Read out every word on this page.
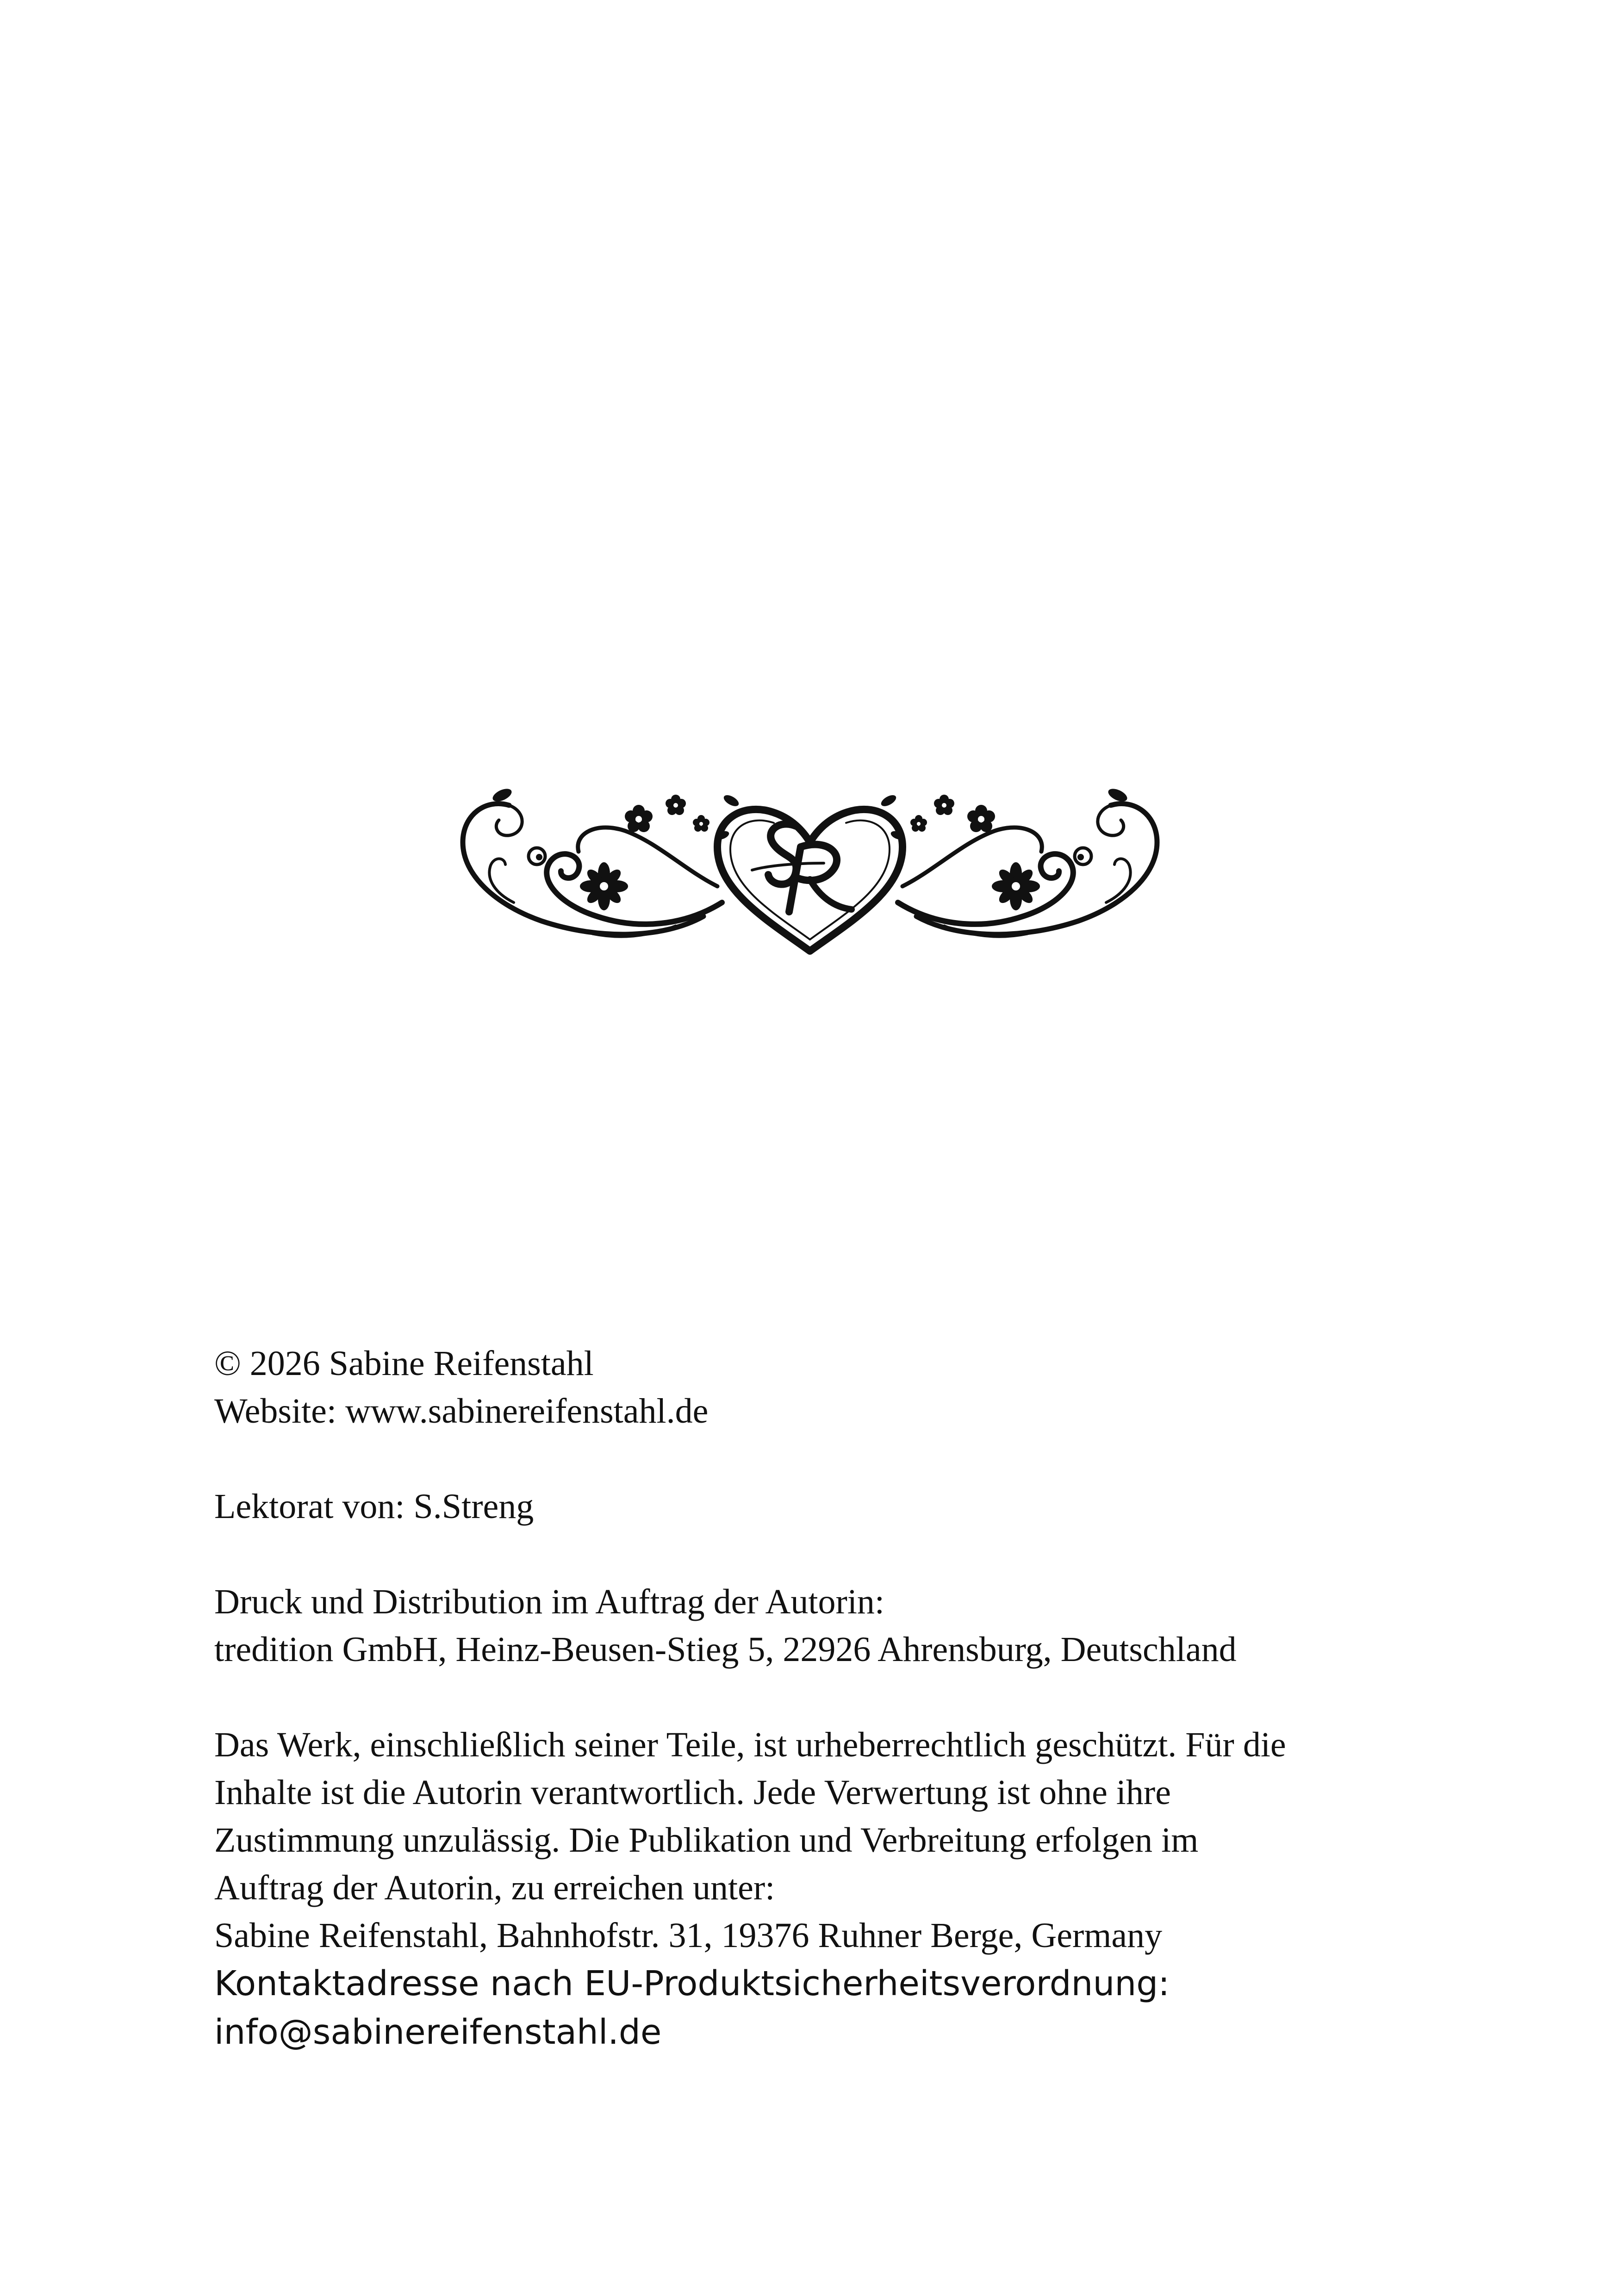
© 2026 Sabine Reifenstahl

Website: www.sabinereifenstahl.de

Lektorat von: S.Streng

Druck und Distribution im Auftrag der Autorin:

tredition GmbH, Heinz-Beusen-Stieg 5, 22926 Ahrensburg, Deutschland

Das Werk, einschließlich seiner Teile, ist urheberrechtlich geschützt. Für die

Inhalte ist die Autorin verantwortlich. Jede Verwertung ist ohne ihre

Zustimmung unzulässig. Die Publikation und Verbreitung erfolgen im

Auftrag der Autorin, zu erreichen unter:

Sabine Reifenstahl, Bahnhofstr. 31, 19376 Ruhner Berge, Germany

Kontaktadresse nach EU-Produktsicherheitsverordnung:

info@sabinereifenstahl.de
